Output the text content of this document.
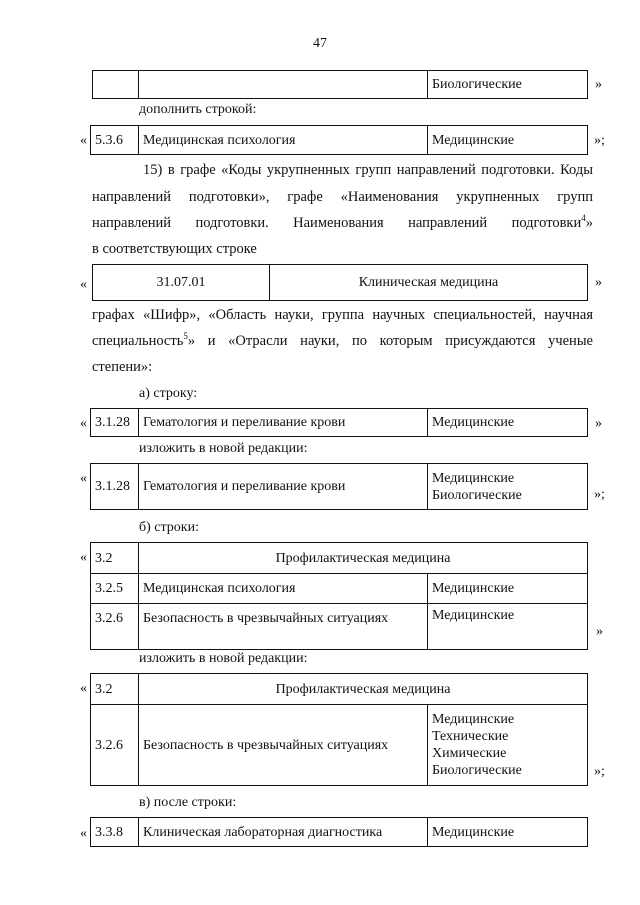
47
		Биологические	»
дополнить строкой:
« 5.3.6	Медицинская психология	Медицинские	»;
15) в графе «Коды укрупненных групп направлений подготовки. Коды
направлений подготовки», графе «Наименования укрупненных групп
направлений подготовки. Наименования направлений подготовки$^4$»
в соответствующих строке
«	31.07.01	Клиническая медицина	»
графах «Шифр», «Область науки, группа научных специальностей, научная
специальность$^5$» и «Отрасли науки, по которым присуждаются ученые
степени»:
а) строку:
« 3.1.28	Гематология и переливание крови	Медицинские	»
изложить в новой редакции:
«
3.1.28	Гематология и переливание крови	
Медицинские
Биологические	»;
б) строки:
« 3.2	Профилактическая медицина	
3.2.5	Медицинская психология	Медицинские
3.2.6	Безопасность в чрезвычайных ситуациях	Медицинские
»
изложить в новой редакции:
« 3.2	Профилактическая медицина	
3.2.6	Безопасность в чрезвычайных ситуациях	Медицинские
Технические
Химические
Биологические	»;
в) после строки:
« 3.3.8	Клиническая лабораторная диагностика	Медицинские
